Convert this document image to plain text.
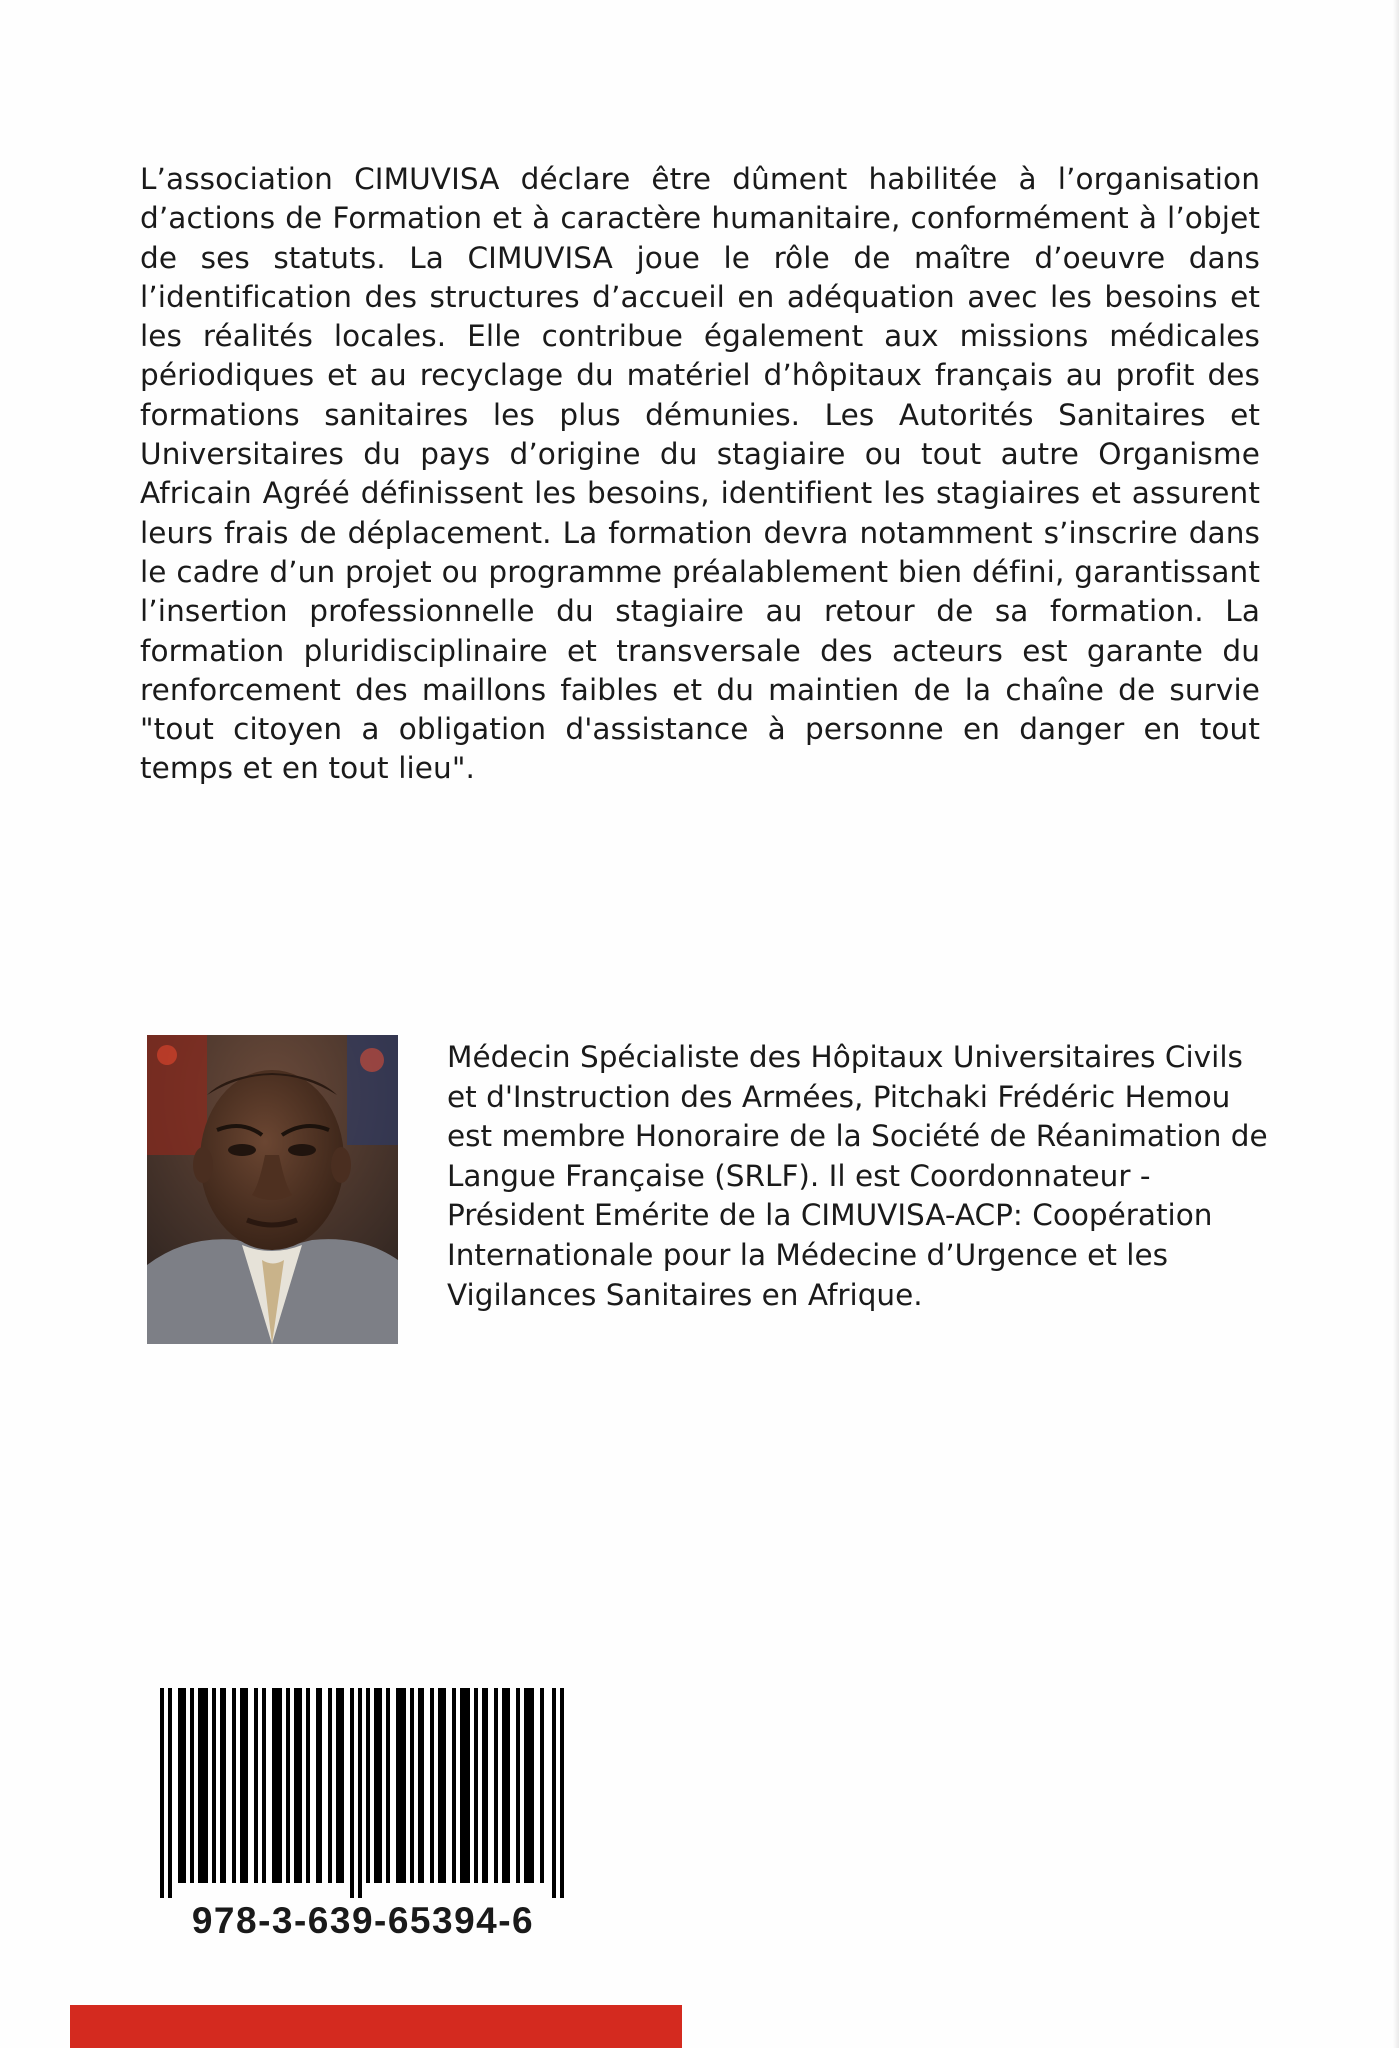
L’association CIMUVISA déclare être dûment habilitée à l’organisation d’actions de Formation et à caractère humanitaire, conformément à l’objet de ses statuts. La CIMUVISA joue le rôle de maître d’oeuvre dans l’identification des structures d’accueil en adéquation avec les besoins et les réalités locales. Elle contribue également aux missions médicales périodiques et au recyclage du matériel d’hôpitaux français au profit des formations sanitaires les plus démunies. Les Autorités Sanitaires et Universitaires du pays d’origine du stagiaire ou tout autre Organisme Africain Agréé définissent les besoins, identifient les stagiaires et assurent leurs frais de déplacement. La formation devra notamment s’inscrire dans le cadre d’un projet ou programme préalablement bien défini, garantissant l’insertion professionnelle du stagiaire au retour de sa formation. La formation pluridisciplinaire et transversale des acteurs est garante du renforcement des maillons faibles et du maintien de la chaîne de survie "tout citoyen a obligation d'assistance à personne en danger en tout temps et en tout lieu".

Médecin Spécialiste des Hôpitaux Universitaires Civils et d'Instruction des Armées, Pitchaki Frédéric Hemou est membre Honoraire de la Société de Réanimation de Langue Française (SRLF). Il est Coordonnateur - Président Emérite de la CIMUVISA-ACP: Coopération Internationale pour la Médecine d’Urgence et les Vigilances Sanitaires en Afrique.

978-3-639-65394-6
